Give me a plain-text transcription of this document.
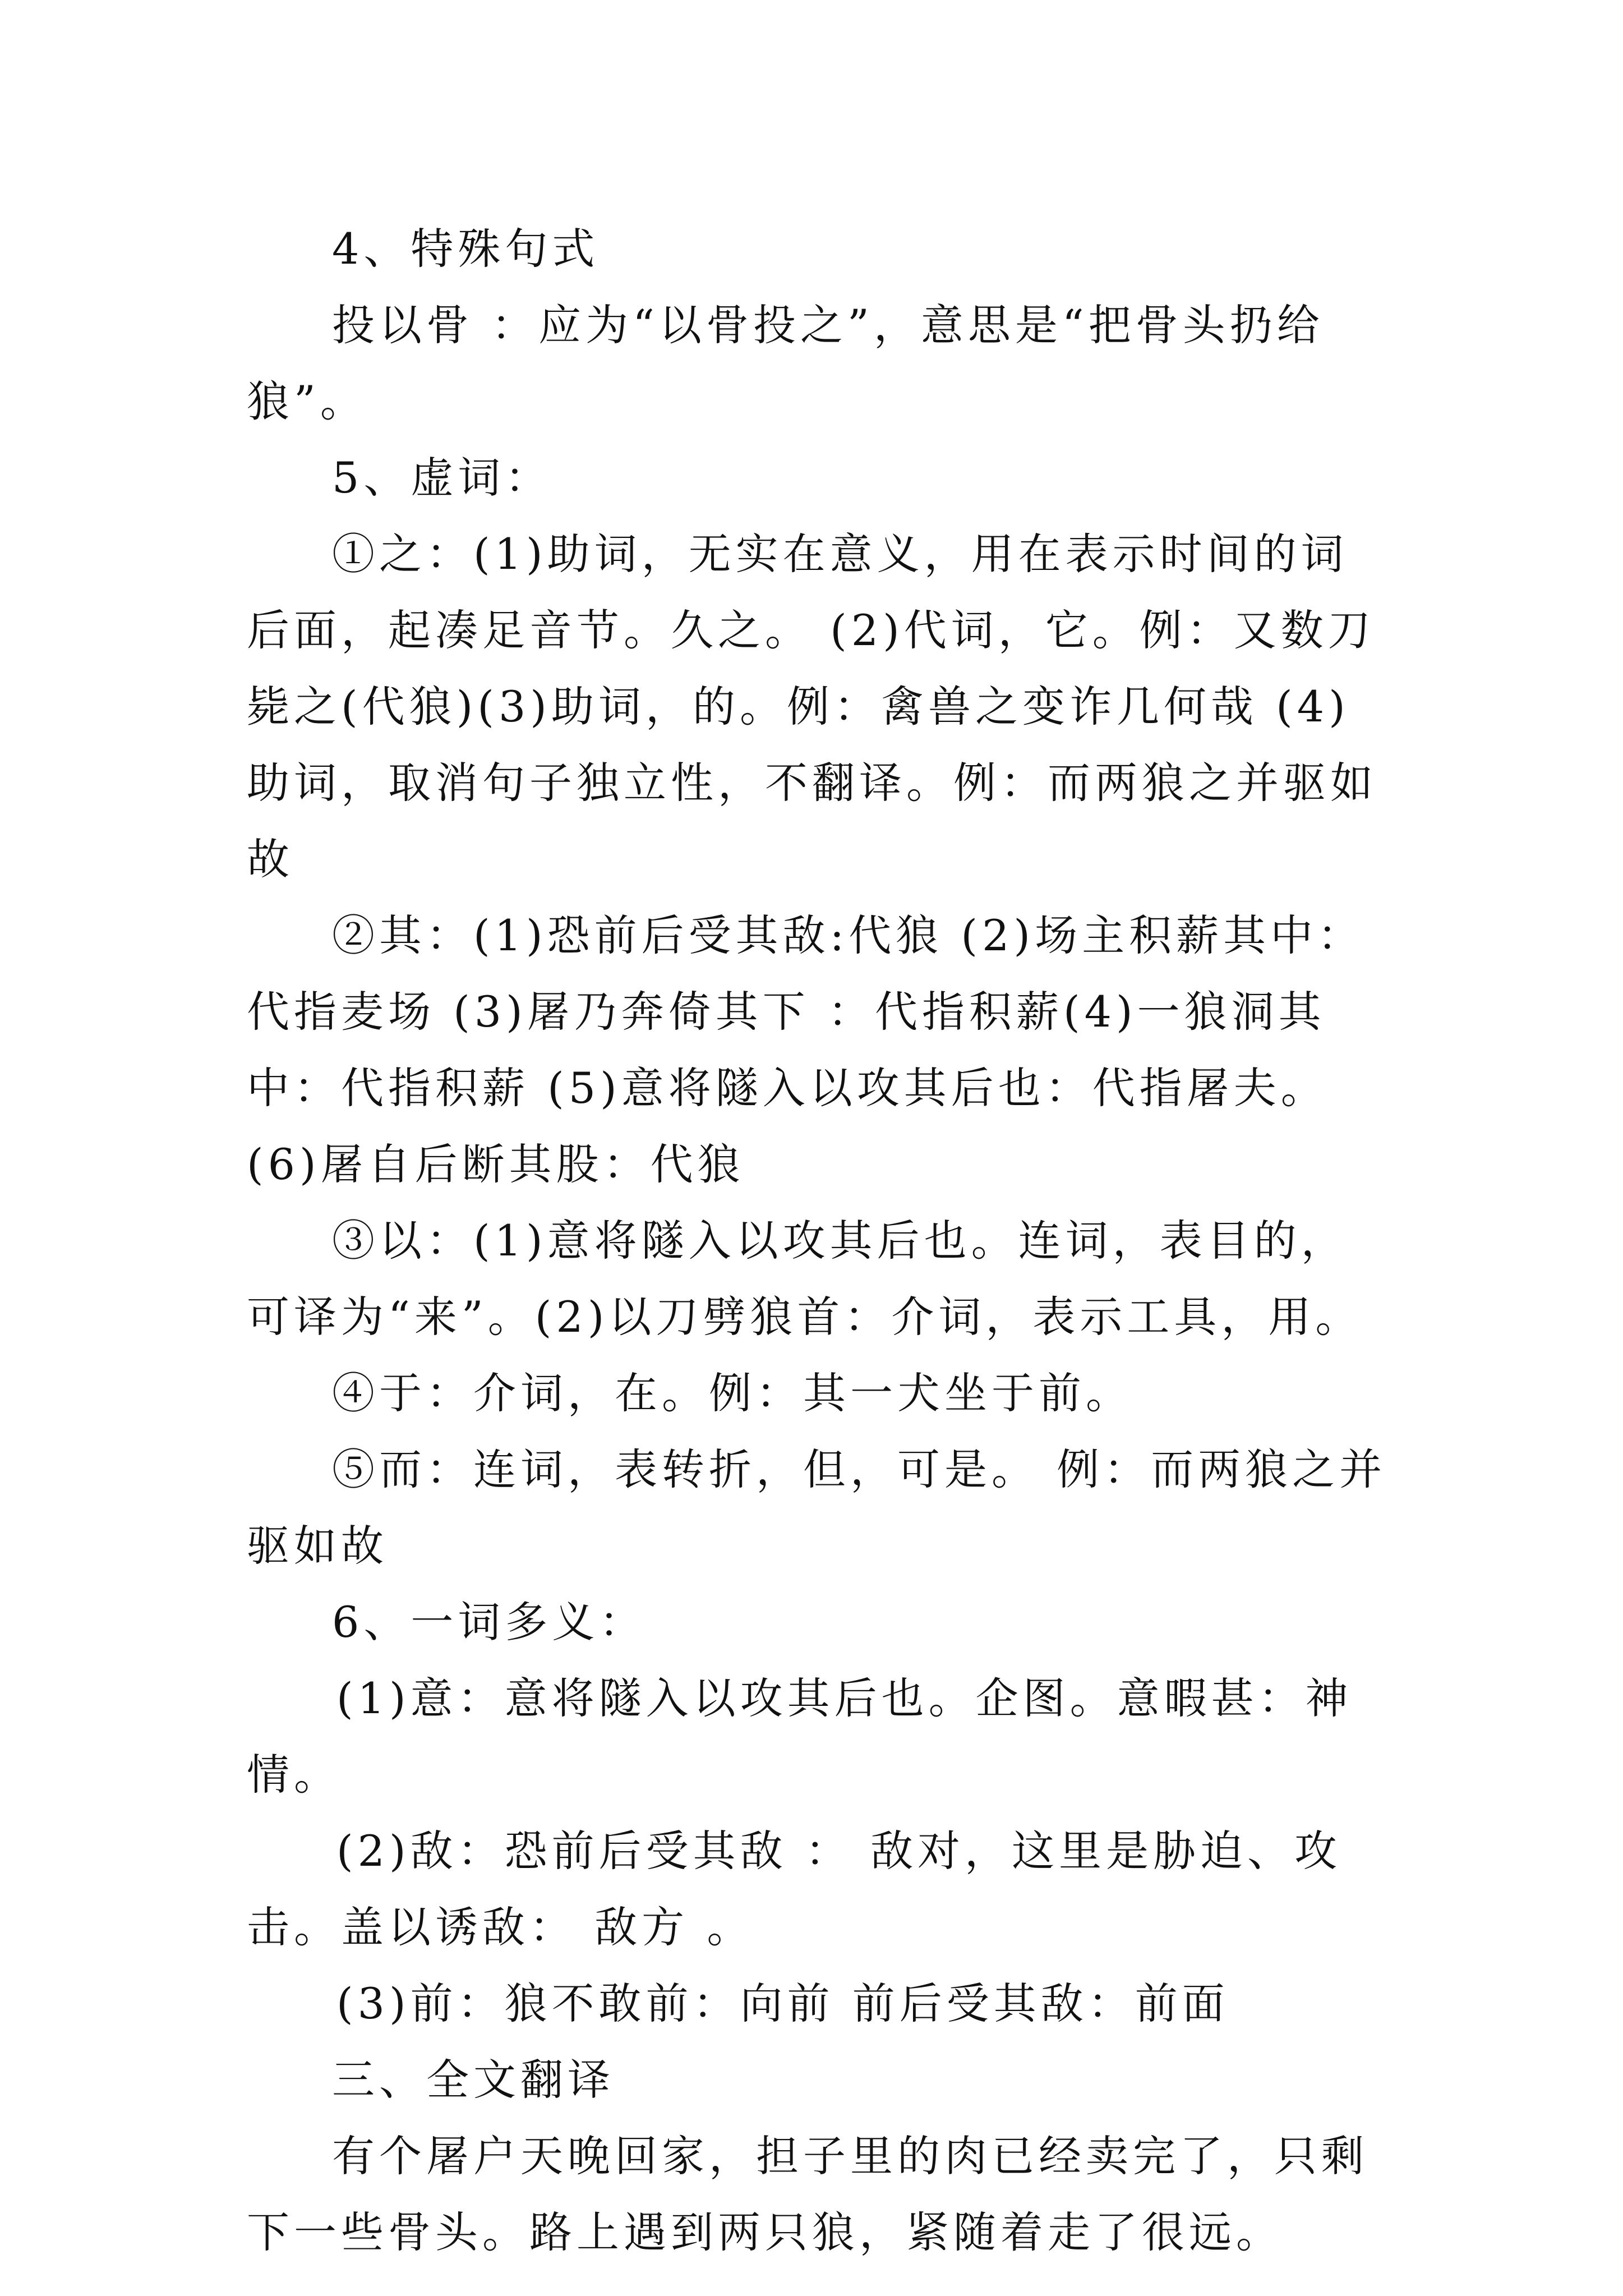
4、特殊句式

投以骨 ：应为“以骨投之”，意思是“把骨头扔给狼”。

5、虚词：

①之：(1)助词，无实在意义，用在表示时间的词后面，起凑足音节。久之。 (2)代词，它。例：又数刀毙之(代狼)(3)助词，的。例：禽兽之变诈几何哉 (4)助词，取消句子独立性，不翻译。例：而两狼之并驱如故

②其：(1)恐前后受其敌:代狼 (2)场主积薪其中：代指麦场 (3)屠乃奔倚其下 ：代指积薪(4)一狼洞其中：代指积薪 (5)意将隧入以攻其后也：代指屠夫。(6)屠自后断其股：代狼

③以：(1)意将隧入以攻其后也。连词，表目的，可译为“来”。(2)以刀劈狼首：介词，表示工具，用。

④于：介词，在。例：其一犬坐于前。

⑤而：连词，表转折，但，可是。 例：而两狼之并驱如故

6、一词多义：

(1)意：意将隧入以攻其后也。企图。意暇甚：神情。

(2)敌：恐前后受其敌 ： 敌对，这里是胁迫、攻击。盖以诱敌： 敌方 。

(3)前：狼不敢前：向前 前后受其敌：前面

三、全文翻译

有个屠户天晚回家，担子里的肉已经卖完了，只剩下一些骨头。路上遇到两只狼，紧随着走了很远。
